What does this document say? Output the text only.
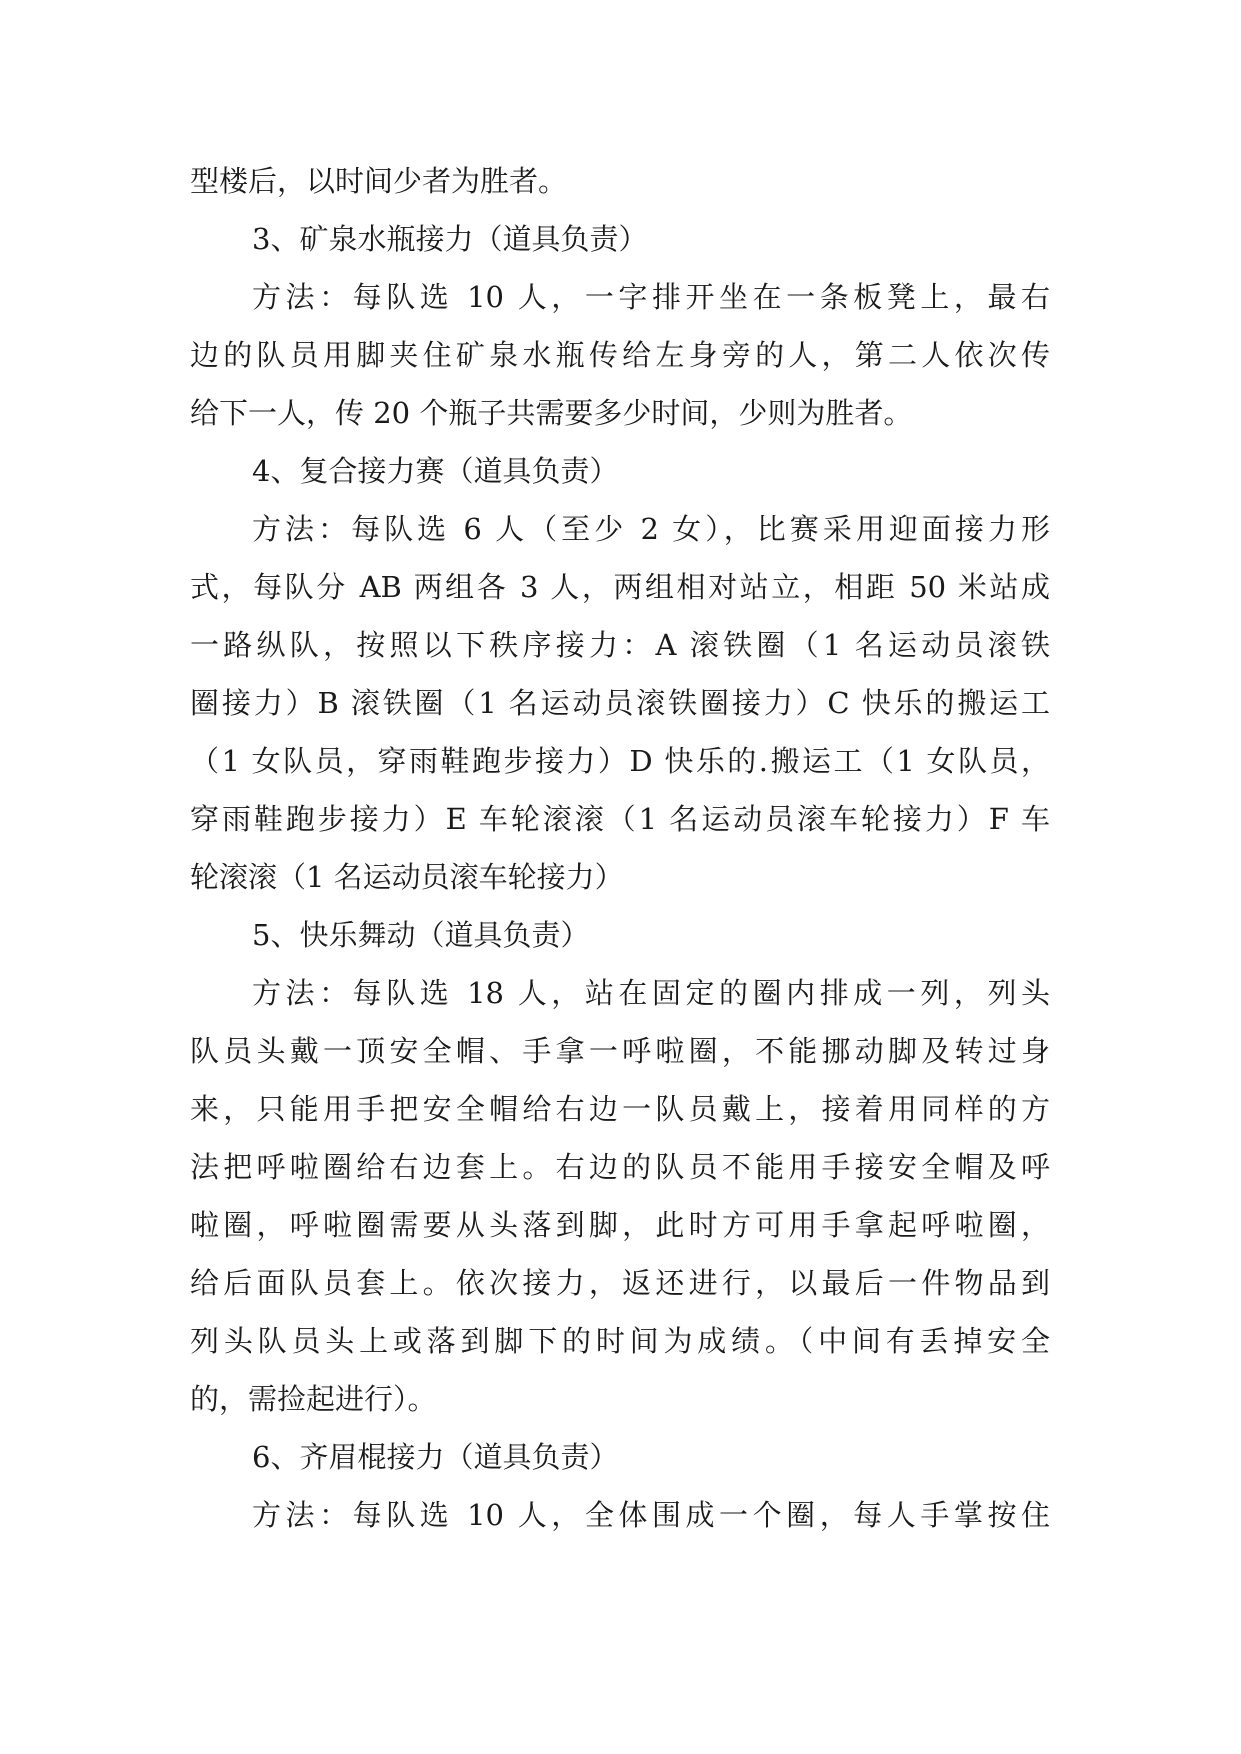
型楼后，以时间少者为胜者。
3、矿泉水瓶接力（道具负责）
方法：每队选 10 人，一字排开坐在一条板凳上，最右
边的队员用脚夹住矿泉水瓶传给左身旁的人，第二人依次传
给下一人，传 20 个瓶子共需要多少时间，少则为胜者。
4、复合接力赛（道具负责）
方法：每队选 6 人（至少 2 女），比赛采用迎面接力形
式，每队分 AB 两组各 3 人，两组相对站立，相距 50 米站成
一路纵队，按照以下秩序接力：A 滚铁圈（1 名运动员滚铁
圈接力）B 滚铁圈（1 名运动员滚铁圈接力）C 快乐的搬运工
（1 女队员，穿雨鞋跑步接力）D 快乐的.搬运工（1 女队员，
穿雨鞋跑步接力）E 车轮滚滚（1 名运动员滚车轮接力）F 车
轮滚滚（1 名运动员滚车轮接力）
5、快乐舞动（道具负责）
方法：每队选 18 人，站在固定的圈内排成一列，列头
队员头戴一顶安全帽、手拿一呼啦圈，不能挪动脚及转过身
来，只能用手把安全帽给右边一队员戴上，接着用同样的方
法把呼啦圈给右边套上。右边的队员不能用手接安全帽及呼
啦圈，呼啦圈需要从头落到脚，此时方可用手拿起呼啦圈，
给后面队员套上。依次接力，返还进行，以最后一件物品到
列头队员头上或落到脚下的时间为成绩。（中间有丢掉安全
的，需捡起进行）。
6、齐眉棍接力（道具负责）
方法：每队选 10 人，全体围成一个圈，每人手掌按住
